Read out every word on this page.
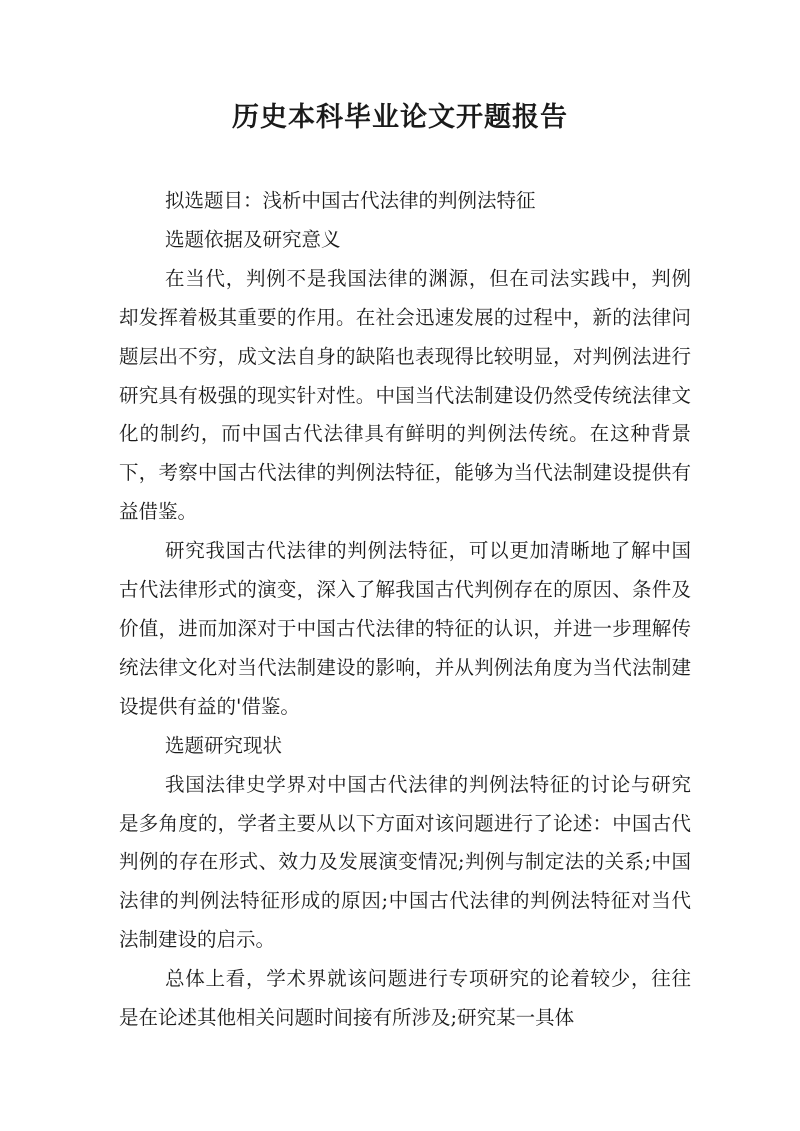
历史本科毕业论文开题报告

拟选题目：浅析中国古代法律的判例法特征

选题依据及研究意义

在当代，判例不是我国法律的渊源，但在司法实践中，判例却发挥着极其重要的作用。在社会迅速发展的过程中，新的法律问题层出不穷，成文法自身的缺陷也表现得比较明显，对判例法进行研究具有极强的现实针对性。中国当代法制建设仍然受传统法律文化的制约，而中国古代法律具有鲜明的判例法传统。在这种背景下，考察中国古代法律的判例法特征，能够为当代法制建设提供有益借鉴。

研究我国古代法律的判例法特征，可以更加清晰地了解中国古代法律形式的演变，深入了解我国古代判例存在的原因、条件及价值，进而加深对于中国古代法律的特征的认识，并进一步理解传统法律文化对当代法制建设的影响，并从判例法角度为当代法制建设提供有益的'借鉴。

选题研究现状

我国法律史学界对中国古代法律的判例法特征的讨论与研究是多角度的，学者主要从以下方面对该问题进行了论述：中国古代判例的存在形式、效力及发展演变情况;判例与制定法的关系;中国法律的判例法特征形成的原因;中国古代法律的判例法特征对当代法制建设的启示。

总体上看，学术界就该问题进行专项研究的论着较少，往往是在论述其他相关问题时间接有所涉及;研究某一具体
